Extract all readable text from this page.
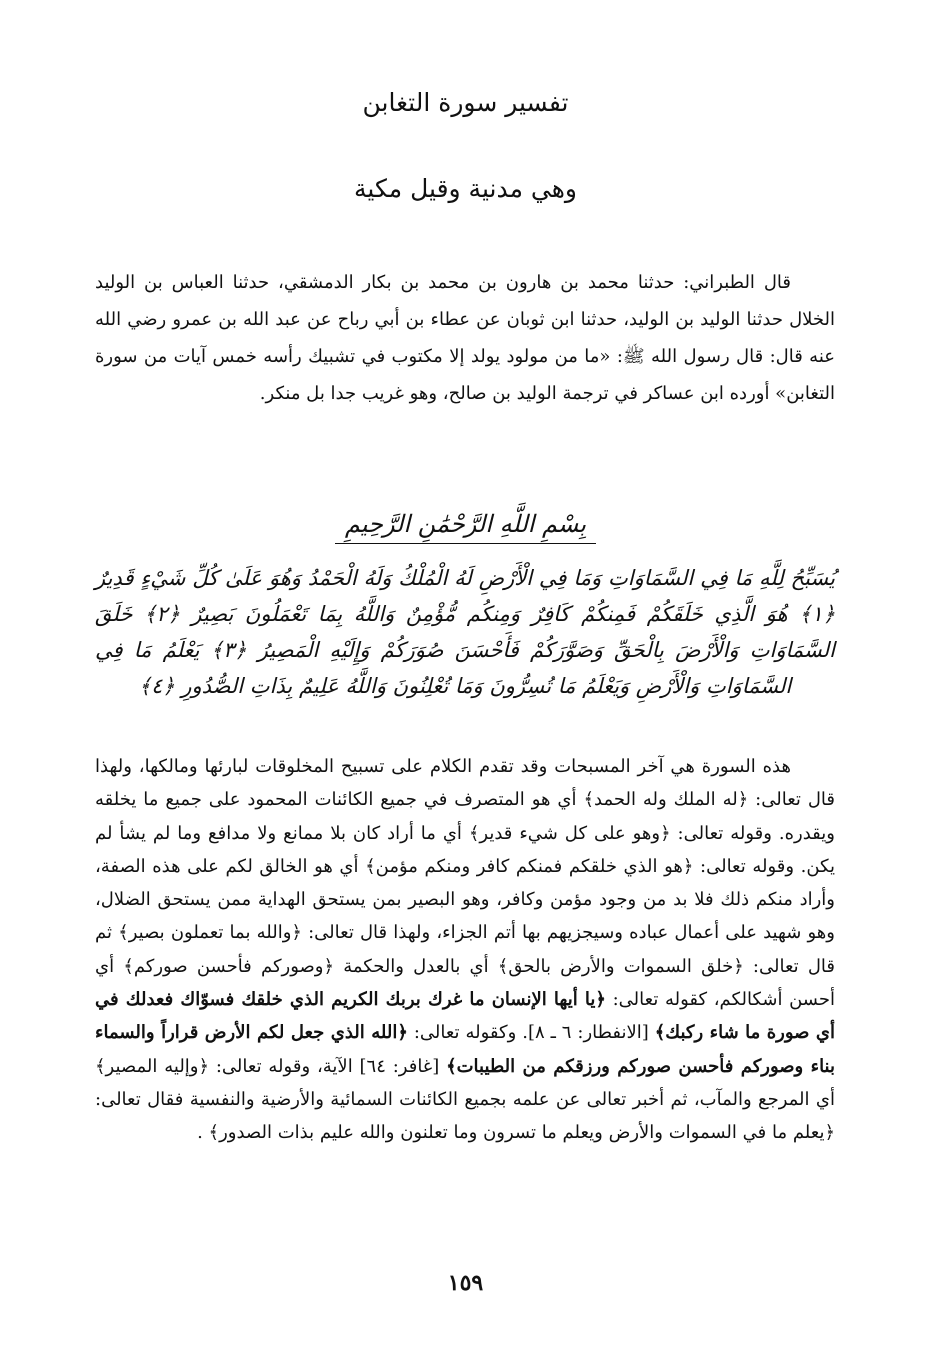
تفسير سورة التغابن
وهي مدنية وقيل مكية

قال الطبراني: حدثنا محمد بن هارون بن محمد بن بكار الدمشقي، حدثنا العباس بن الوليد الخلال حدثنا الوليد بن الوليد، حدثنا ابن ثوبان عن عطاء بن أبي رباح عن عبد الله بن عمرو رضي الله عنه قال: قال رسول الله ﷺ: «ما من مولود يولد إلا مكتوب في تشبيك رأسه خمس آيات من سورة التغابن» أورده ابن عساكر في ترجمة الوليد بن صالح، وهو غريب جدا بل منكر.

بِسْمِ اللَّهِ الرَّحْمَٰنِ الرَّحِيمِ

يُسَبِّحُ لِلَّهِ مَا فِي السَّمَاوَاتِ وَمَا فِي الْأَرْضِ لَهُ الْمُلْكُ وَلَهُ الْحَمْدُ وَهُوَ عَلَىٰ كُلِّ شَيْءٍ قَدِيرٌ ﴿١﴾ هُوَ الَّذِي خَلَقَكُمْ فَمِنكُمْ كَافِرٌ وَمِنكُم مُّؤْمِنٌ وَاللَّهُ بِمَا تَعْمَلُونَ بَصِيرٌ ﴿٢﴾ خَلَقَ السَّمَاوَاتِ وَالْأَرْضَ بِالْحَقِّ وَصَوَّرَكُمْ فَأَحْسَنَ صُوَرَكُمْ وَإِلَيْهِ الْمَصِيرُ ﴿٣﴾ يَعْلَمُ مَا فِي السَّمَاوَاتِ وَالْأَرْضِ وَيَعْلَمُ مَا تُسِرُّونَ وَمَا تُعْلِنُونَ وَاللَّهُ عَلِيمٌ بِذَاتِ الصُّدُورِ ﴿٤﴾

هذه السورة هي آخر المسبحات وقد تقدم الكلام على تسبيح المخلوقات لبارئها ومالكها، ولهذا قال تعالى: ﴿له الملك وله الحمد﴾ أي هو المتصرف في جميع الكائنات المحمود على جميع ما يخلقه ويقدره. وقوله تعالى: ﴿وهو على كل شيء قدير﴾ أي ما أراد كان بلا ممانع ولا مدافع وما لم يشأ لم يكن. وقوله تعالى: ﴿هو الذي خلقكم فمنكم كافر ومنكم مؤمن﴾ أي هو الخالق لكم على هذه الصفة، وأراد منكم ذلك فلا بد من وجود مؤمن وكافر، وهو البصير بمن يستحق الهداية ممن يستحق الضلال، وهو شهيد على أعمال عباده وسيجزيهم بها أتم الجزاء، ولهذا قال تعالى: ﴿والله بما تعملون بصير﴾ ثم قال تعالى: ﴿خلق السموات والأرض بالحق﴾ أي بالعدل والحكمة ﴿وصوركم فأحسن صوركم﴾ أي أحسن أشكالكم، كقوله تعالى: ﴿يا أيها الإنسان ما غرك بربك الكريم الذي خلقك فسوّاك فعدلك في أي صورة ما شاء ركبك﴾ [الانفطار: ٦ ـ ٨]. وكقوله تعالى: ﴿الله الذي جعل لكم الأرض قراراً والسماء بناء وصوركم فأحسن صوركم ورزقكم من الطيبات﴾ [غافر: ٦٤] الآية، وقوله تعالى: ﴿وإليه المصير﴾ أي المرجع والمآب، ثم أخبر تعالى عن علمه بجميع الكائنات السمائية والأرضية والنفسية فقال تعالى: ﴿يعلم ما في السموات والأرض ويعلم ما تسرون وما تعلنون والله عليم بذات الصدور﴾ .

١٥٩
